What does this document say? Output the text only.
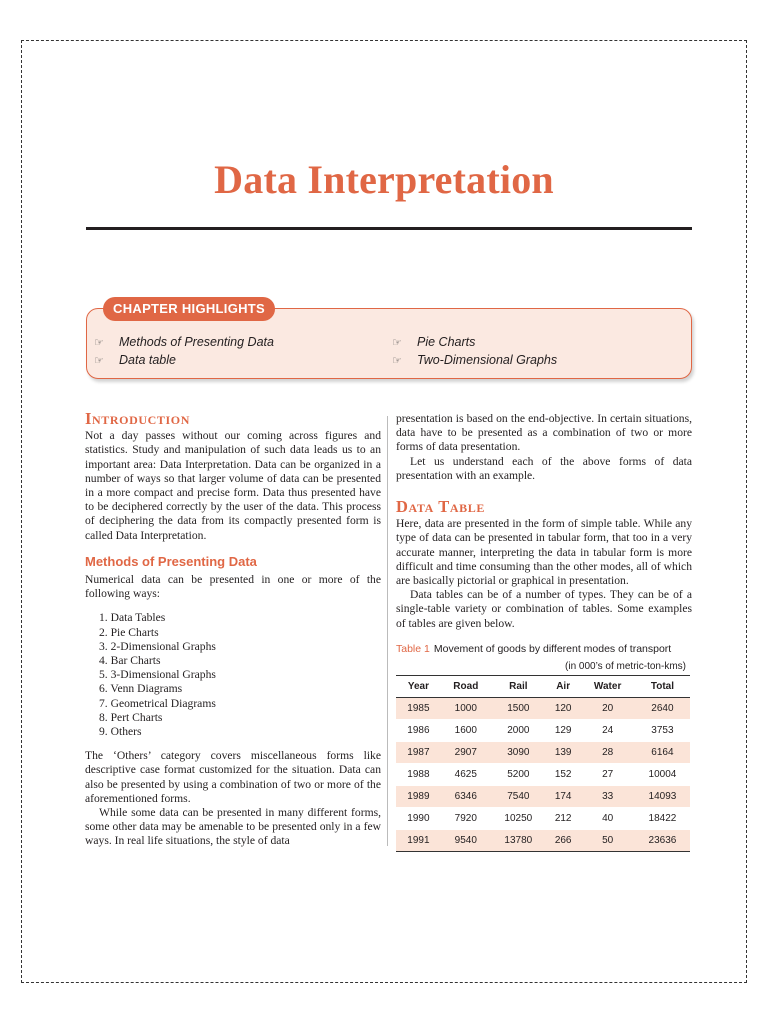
Data Interpretation
CHAPTER HIGHLIGHTS
☞ Methods of Presenting Data
☞ Data table
☞ Pie Charts
☞ Two-Dimensional Graphs
Introduction

Not a day passes without our coming across figures and statistics. Study and manipulation of such data leads us to an important area: Data Interpretation. Data can be organized in a number of ways so that larger volume of data can be presented in a more compact and precise form. Data thus presented have to be deciphered correctly by the user of the data. This process of deciphering the data from its compactly presented form is called Data Interpretation.

Methods of Presenting Data

Numerical data can be presented in one or more of the following ways:

1. Data Tables
2. Pie Charts
3. 2-Dimensional Graphs
4. Bar Charts
5. 3-Dimensional Graphs
6. Venn Diagrams
7. Geometrical Diagrams
8. Pert Charts
9. Others

The ‘Others’ category covers miscellaneous forms like descriptive case format customized for the situation. Data can also be presented by using a combination of two or more of the aforementioned forms.

While some data can be presented in many different forms, some other data may be amenable to be presented only in a few ways. In real life situations, the style of data

presentation is based on the end-objective. In certain situations, data have to be presented as a combination of two or more forms of data presentation.

Let us understand each of the above forms of data presentation with an example.

Data Table

Here, data are presented in the form of simple table. While any type of data can be presented in tabular form, that too in a very accurate manner, interpreting the data in tabular form is more difficult and time consuming than the other modes, all of which are basically pictorial or graphical in presentation.

Data tables can be of a number of types. They can be of a single-table variety or combination of tables. Some examples of tables are given below.

Table 1 Movement of goods by different modes of transport
(in 000’s of metric-ton-kms)
Year	Road	Rail	Air	Water	Total
1985	1000	1500	120	20	2640
1986	1600	2000	129	24	3753
1987	2907	3090	139	28	6164
1988	4625	5200	152	27	10004
1989	6346	7540	174	33	14093
1990	7920	10250	212	40	18422
1991	9540	13780	266	50	23636
